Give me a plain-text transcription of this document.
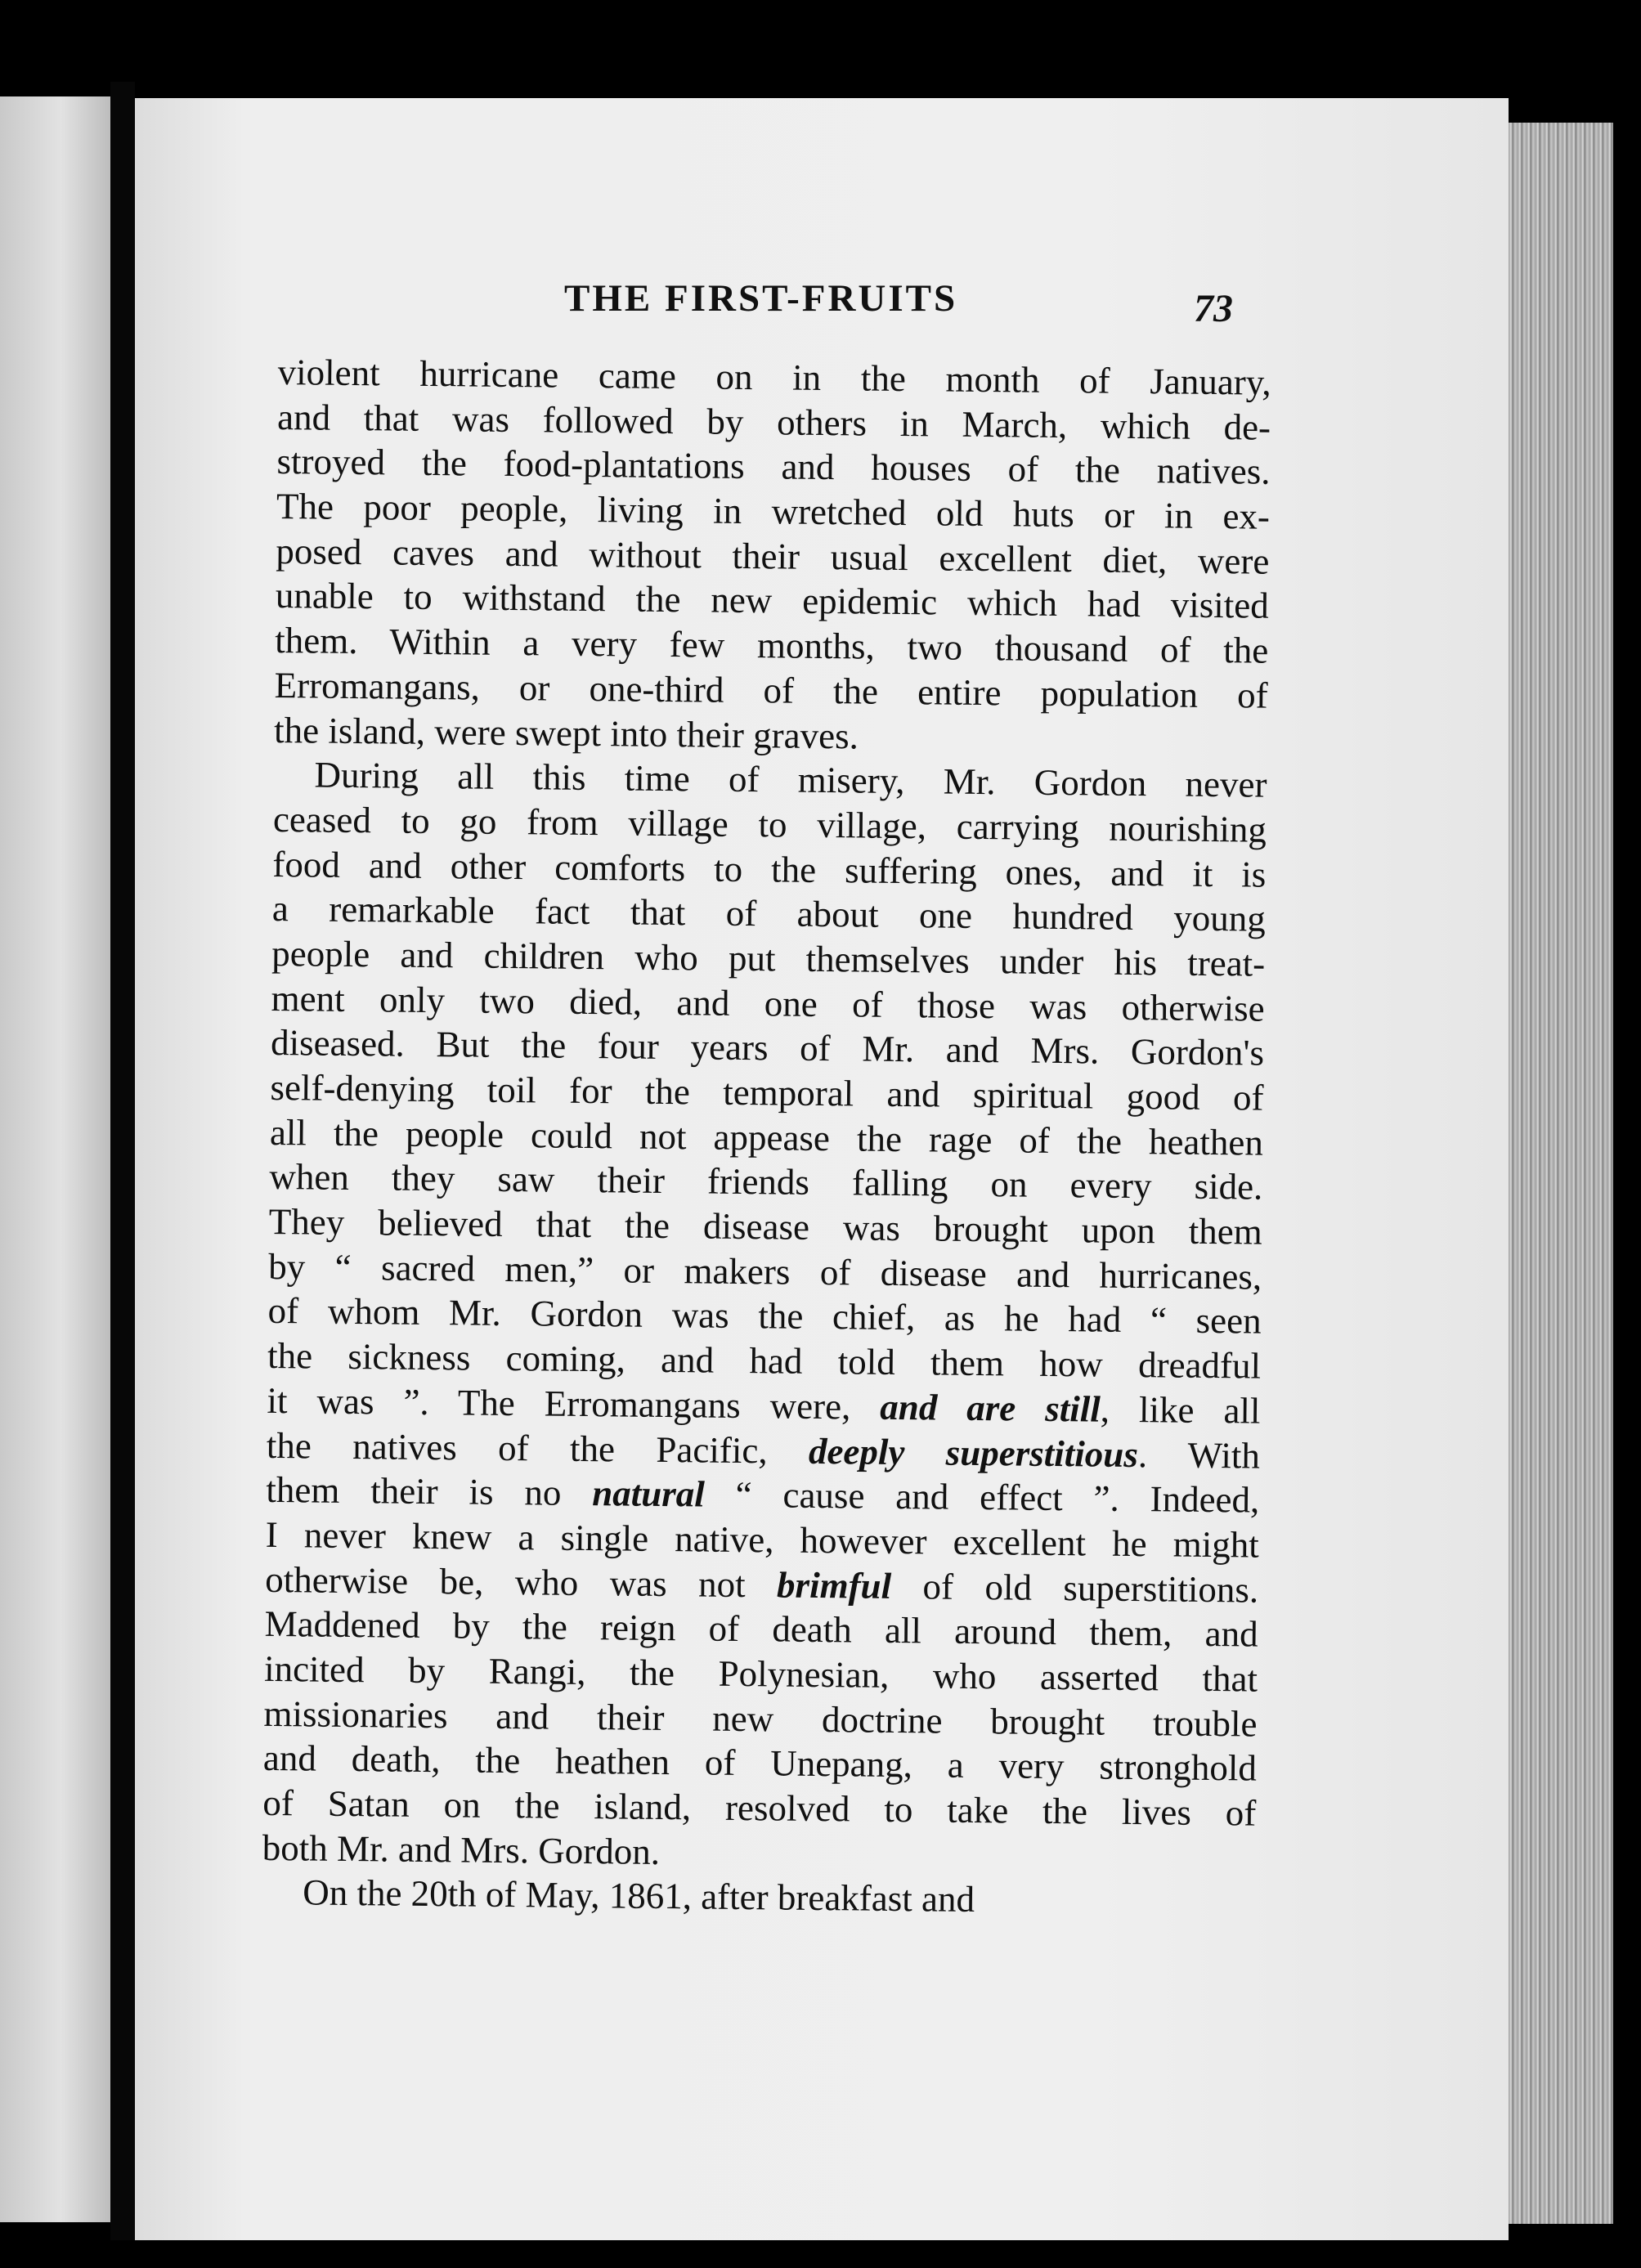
THE FIRST-FRUITS	73
violent hurricane came on in the month of January,
and that was followed by others in March, which de-
stroyed the food-plantations and houses of the natives.
The poor people, living in wretched old huts or in ex-
posed caves and without their usual excellent diet, were
unable to withstand the new epidemic which had visited
them. Within a very few months, two thousand of the
Erromangans, or one-third of the entire population of
the island, were swept into their graves.
During all this time of misery, Mr. Gordon never
ceased to go from village to village, carrying nourishing
food and other comforts to the suffering ones, and it is
a remarkable fact that of about one hundred young
people and children who put themselves under his treat-
ment only two died, and one of those was otherwise
diseased. But the four years of Mr. and Mrs. Gordon's
self-denying toil for the temporal and spiritual good of
all the people could not appease the rage of the heathen
when they saw their friends falling on every side.
They believed that the disease was brought upon them
by “ sacred men,” or makers of disease and hurricanes,
of whom Mr. Gordon was the chief, as he had “ seen
the sickness coming, and had told them how dreadful
it was ”. The Erromangans were, and are still, like all
the natives of the Pacific, deeply superstitious. With
them their is no natural “ cause and effect ”. Indeed,
I never knew a single native, however excellent he might
otherwise be, who was not brimful of old superstitions.
Maddened by the reign of death all around them, and
incited by Rangi, the Polynesian, who asserted that
missionaries and their new doctrine brought trouble
and death, the heathen of Unepang, a very stronghold
of Satan on the island, resolved to take the lives of
both Mr. and Mrs. Gordon.
On the 20th of May, 1861, after breakfast and
